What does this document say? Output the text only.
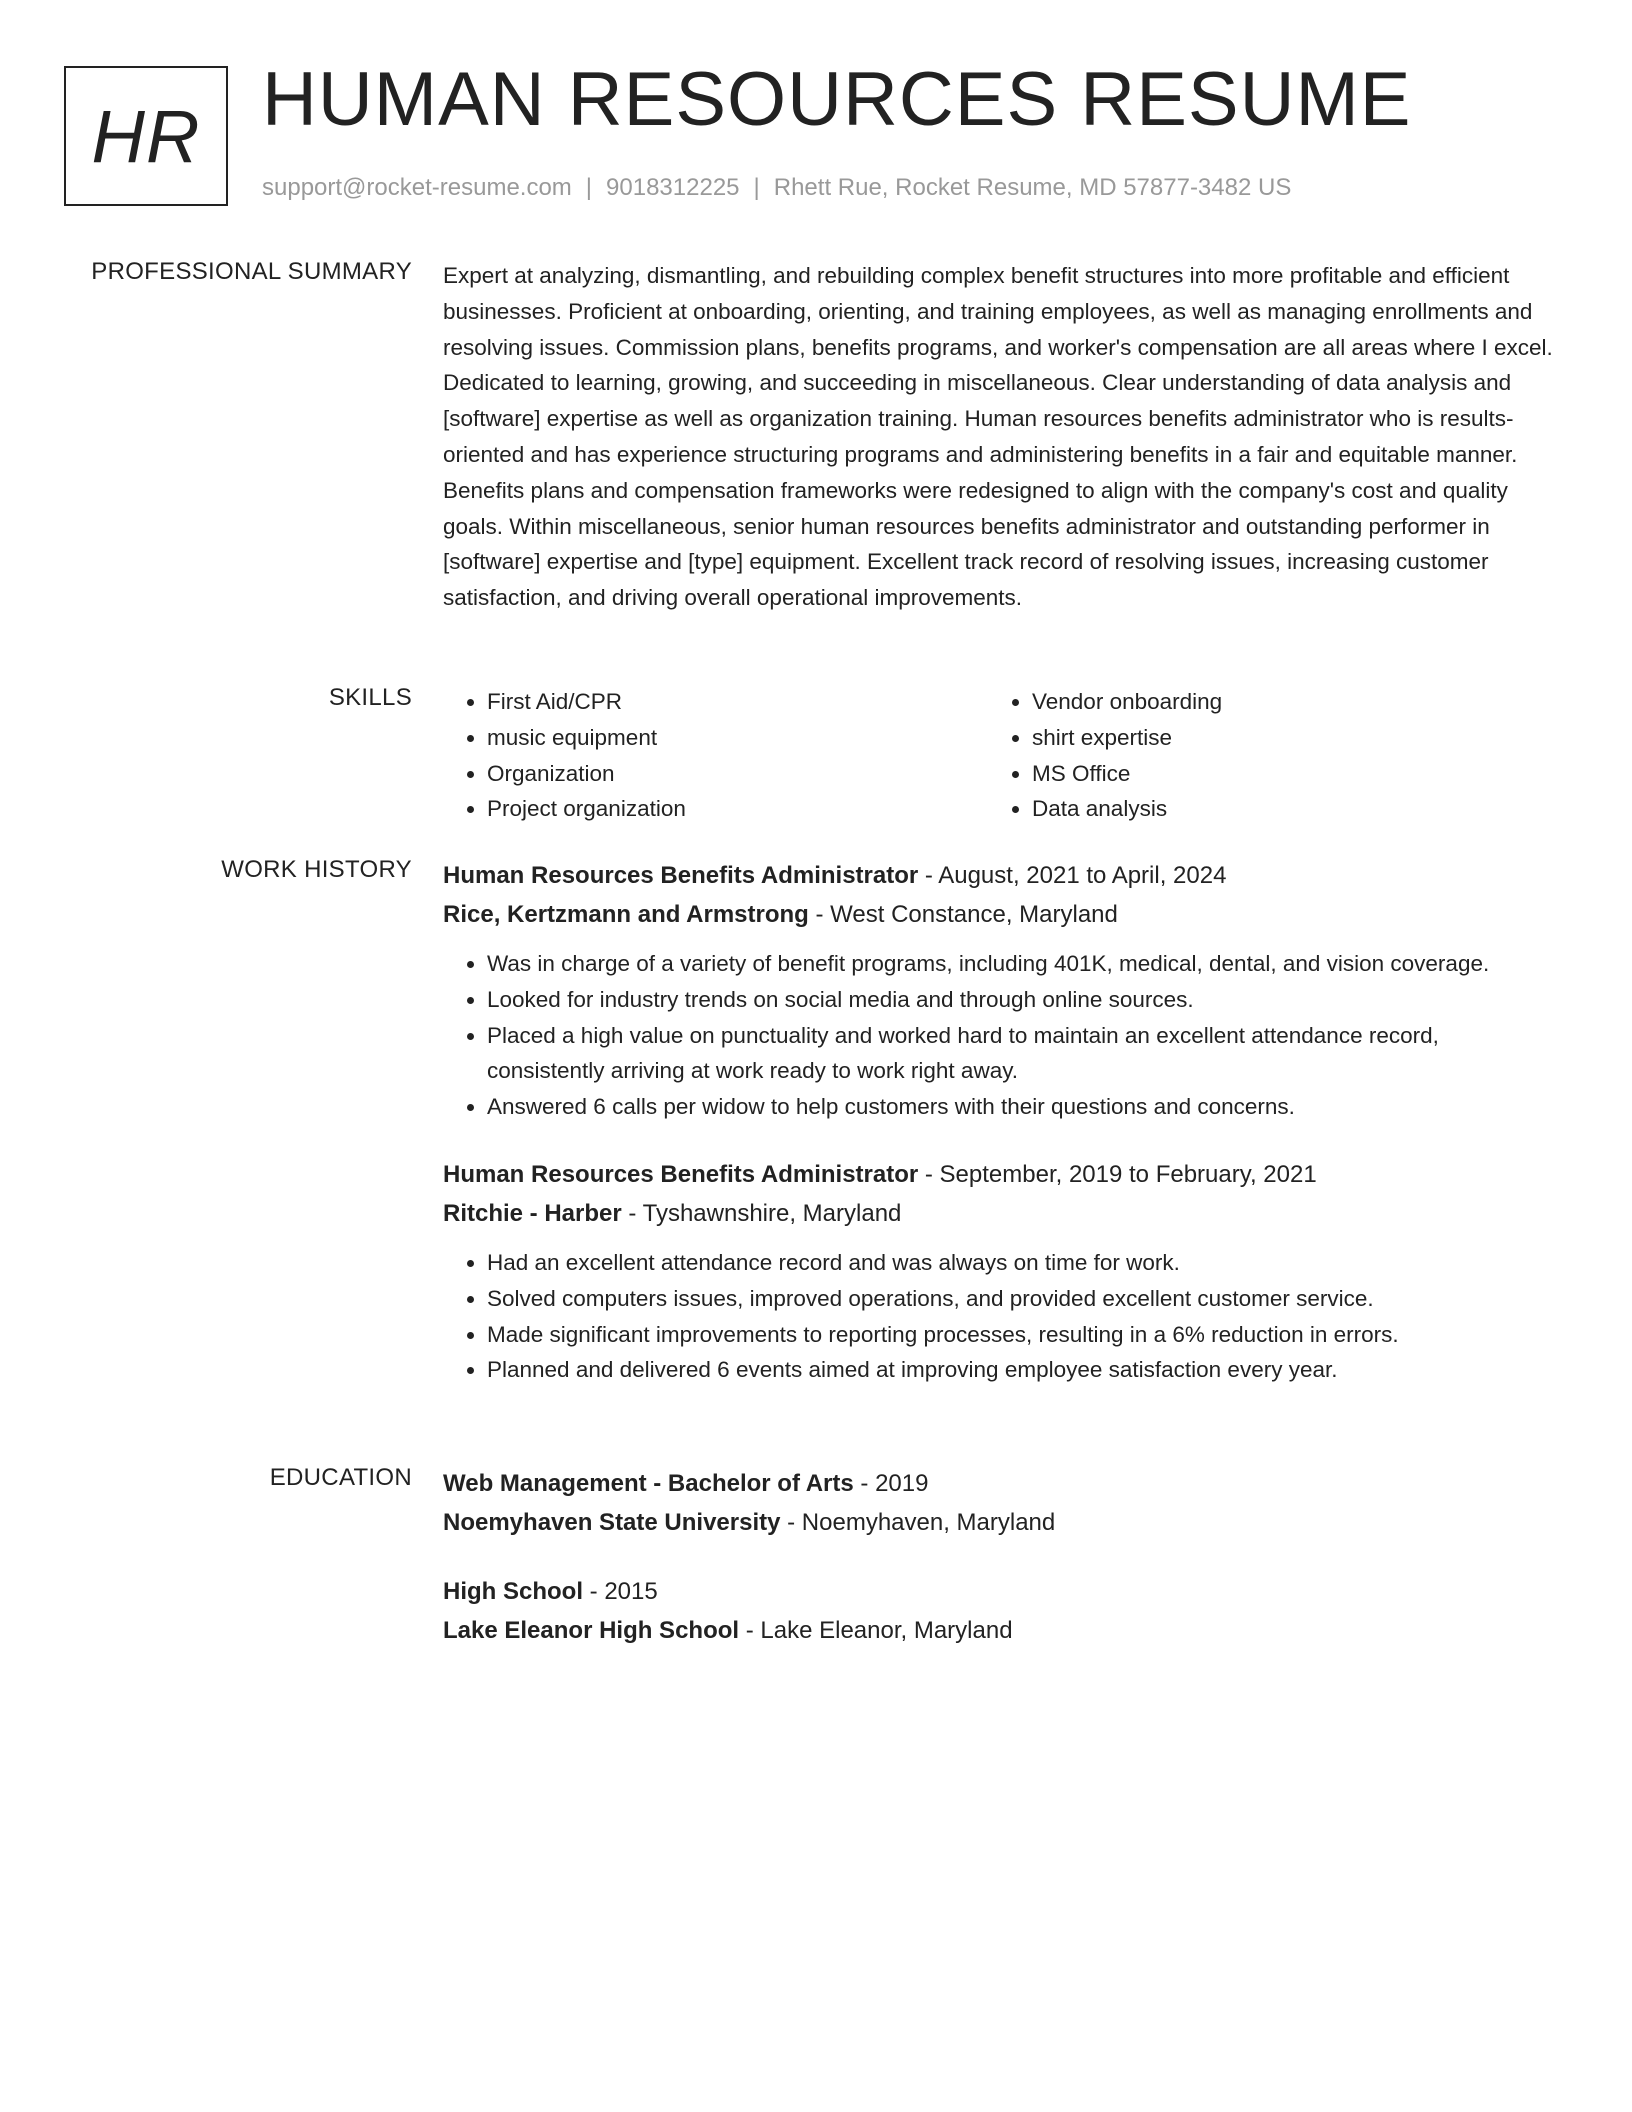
HR HUMAN RESOURCES RESUME
support@rocket-resume.com | 9018312225 | Rhett Rue, Rocket Resume, MD 57877-3482 US
PROFESSIONAL SUMMARY Expert at analyzing, dismantling, and rebuilding complex benefit structures into more profitable and efficient businesses. Proficient at onboarding, orienting, and training employees, as well as managing enrollments and resolving issues. Commission plans, benefits programs, and worker's compensation are all areas where I excel. Dedicated to learning, growing, and succeeding in miscellaneous. Clear understanding of data analysis and [software] expertise as well as organization training. Human resources benefits administrator who is results-oriented and has experience structuring programs and administering benefits in a fair and equitable manner. Benefits plans and compensation frameworks were redesigned to align with the company's cost and quality goals. Within miscellaneous, senior human resources benefits administrator and outstanding performer in [software] expertise and [type] equipment. Excellent track record of resolving issues, increasing customer satisfaction, and driving overall operational improvements.

SKILLS
•	First Aid/CPR
• music equipment
• Organization
• Project organization
• Vendor onboarding
• shirt expertise
• MS Office
• Data analysis
WORK HISTORY Human Resources Benefits Administrator - August, 2021 to April, 2024
Rice, Kertzmann and Armstrong - West Constance, Maryland
• Was in charge of a variety of benefit programs, including 401K, medical, dental, and vision coverage.
• Looked for industry trends on social media and through online sources.
• Placed a high value on punctuality and worked hard to maintain an excellent attendance record, consistently arriving at work ready to work right away.
• Answered 6 calls per widow to help customers with their questions and concerns.
Human Resources Benefits Administrator - September, 2019 to February, 2021
Ritchie - Harber - Tyshawnshire, Maryland
• Had an excellent attendance record and was always on time for work.
• Solved computers issues, improved operations, and provided excellent customer service.
• Made significant improvements to reporting processes, resulting in a 6% reduction in errors.
• Planned and delivered 6 events aimed at improving employee satisfaction every year.
EDUCATION Web Management - Bachelor of Arts - 2019
Noemyhaven State University - Noemyhaven, Maryland
High School - 2015
Lake Eleanor High School - Lake Eleanor, Maryland
